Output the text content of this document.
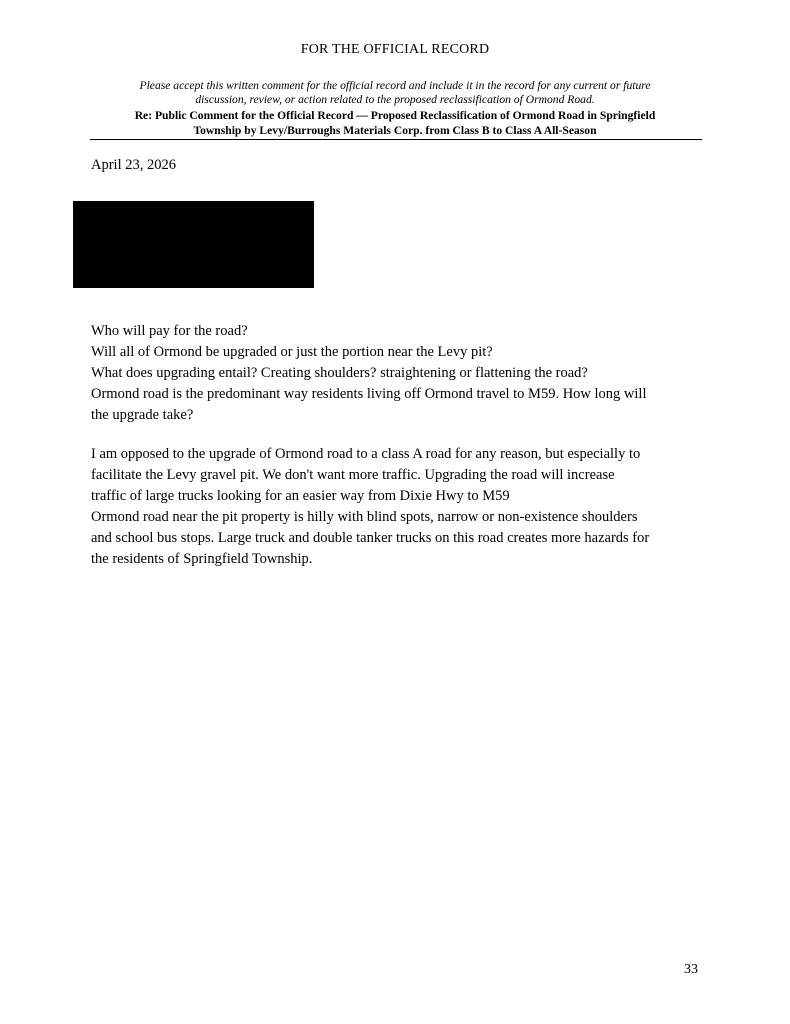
FOR THE OFFICIAL RECORD
Please accept this written comment for the official record and include it in the record for any current or future
discussion, review, or action related to the proposed reclassification of Ormond Road.
Re: Public Comment for the Official Record — Proposed Reclassification of Ormond Road in Springfield
Township by Levy/Burroughs Materials Corp. from Class B to Class A All-Season
April 23, 2026
Who will pay for the road?
Will all of Ormond be upgraded or just the portion near the Levy pit?
What does upgrading entail? Creating shoulders? straightening or flattening the road?
Ormond road is the predominant way residents living off Ormond travel to M59. How long will
the upgrade take?
I am opposed to the upgrade of Ormond road to a class A road for any reason, but especially to
facilitate the Levy gravel pit. We don't want more traffic. Upgrading the road will increase
traffic of large trucks looking for an easier way from Dixie Hwy to M59
Ormond road near the pit property is hilly with blind spots, narrow or non-existence shoulders
and school bus stops. Large truck and double tanker trucks on this road creates more hazards for
the residents of Springfield Township.
33
